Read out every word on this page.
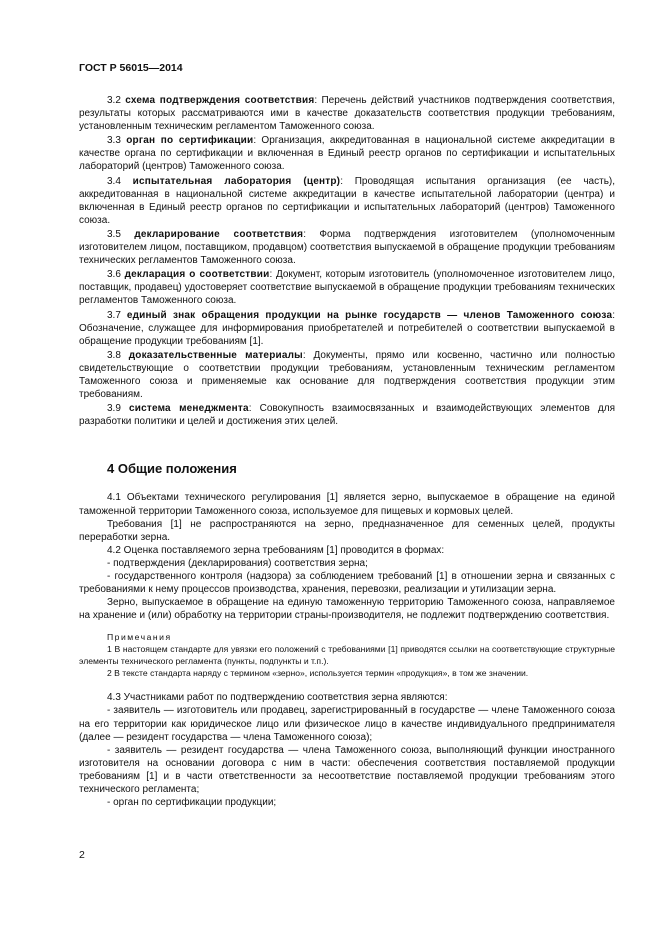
ГОСТ Р 56015—2014

3.2 схема подтверждения соответствия: Перечень действий участников подтверждения соответствия, результаты которых рассматриваются ими в качестве доказательств соответствия продукции требованиям, установленным техническим регламентом Таможенного союза.

3.3 орган по сертификации: Организация, аккредитованная в национальной системе аккредитации в качестве органа по сертификации и включенная в Единый реестр органов по сертификации и испытательных лабораторий (центров) Таможенного союза.

3.4 испытательная лаборатория (центр): Проводящая испытания организация (ее часть), аккредитованная в национальной системе аккредитации в качестве испытательной лаборатории (центра) и включенная в Единый реестр органов по сертификации и испытательных лабораторий (центров) Таможенного союза.

3.5 декларирование соответствия: Форма подтверждения изготовителем (уполномоченным изготовителем лицом, поставщиком, продавцом) соответствия выпускаемой в обращение продукции требованиям технических регламентов Таможенного союза.

3.6 декларация о соответствии: Документ, которым изготовитель (уполномоченное изготовителем лицо, поставщик, продавец) удостоверяет соответствие выпускаемой в обращение продукции требованиям технических регламентов Таможенного союза.

3.7 единый знак обращения продукции на рынке государств — членов Таможенного союза: Обозначение, служащее для информирования приобретателей и потребителей о соответствии выпускаемой в обращение продукции требованиям [1].

3.8 доказательственные материалы: Документы, прямо или косвенно, частично или полностью свидетельствующие о соответствии продукции требованиям, установленным техническим регламентом Таможенного союза и применяемые как основание для подтверждения соответствия продукции этим требованиям.

3.9 система менеджмента: Совокупность взаимосвязанных и взаимодействующих элементов для разработки политики и целей и достижения этих целей.

4 Общие положения

4.1 Объектами технического регулирования [1] является зерно, выпускаемое в обращение на единой таможенной территории Таможенного союза, используемое для пищевых и кормовых целей.

Требования [1] не распространяются на зерно, предназначенное для семенных целей, продукты переработки зерна.

4.2 Оценка поставляемого зерна требованиям [1] проводится в формах:

- подтверждения (декларирования) соответствия зерна;

- государственного контроля (надзора) за соблюдением требований [1] в отношении зерна и связанных с требованиями к нему процессов производства, хранения, перевозки, реализации и утилизации зерна.

Зерно, выпускаемое в обращение на единую таможенную территорию Таможенного союза, направляемое на хранение и (или) обработку на территории страны-производителя, не подлежит подтверждению соответствия.

Примечания

1 В настоящем стандарте для увязки его положений с требованиями [1] приводятся ссылки на соответствующие структурные элементы технического регламента (пункты, подпункты и т.п.).

2 В тексте стандарта наряду с термином «зерно», используется термин «продукция», в том же значении.

4.3 Участниками работ по подтверждению соответствия зерна являются:

- заявитель — изготовитель или продавец, зарегистрированный в государстве — члене Таможенного союза на его территории как юридическое лицо или физическое лицо в качестве индивидуального предпринимателя (далее — резидент государства — члена Таможенного союза);

- заявитель — резидент государства — члена Таможенного союза, выполняющий функции иностранного изготовителя на основании договора с ним в части: обеспечения соответствия поставляемой продукции требованиям [1] и в части ответственности за несоответствие поставляемой продукции требованиям этого технического регламента;

- орган по сертификации продукции;

2
